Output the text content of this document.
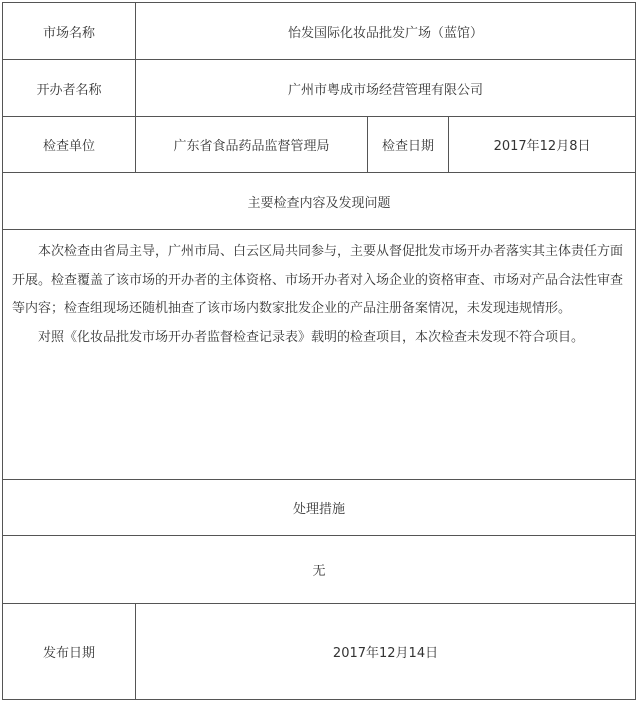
市场名称	怡发国际化妆品批发广场（蓝馆）		
开办者名称	广州市粤成市场经营管理有限公司		
检查单位	广东省食品药品监督管理局	检查日期	2017年12月8日
主要检查内容及发现问题			

本次检查由省局主导，广州市局、白云区局共同参与，主要从督促批发市场开办者落实其主体责任方面开展。检查覆盖了该市场的开办者的主体资格、市场开办者对入场企业的资格审查、市场对产品合法性审查等内容；检查组现场还随机抽查了该市场内数家批发企业的产品注册备案情况，未发现违规情形。

对照《化妆品批发市场开办者监督检查记录表》载明的检查项目，本次检查未发现不符合项目。			

处理措施			
无			
发布日期	2017年12月14日		
